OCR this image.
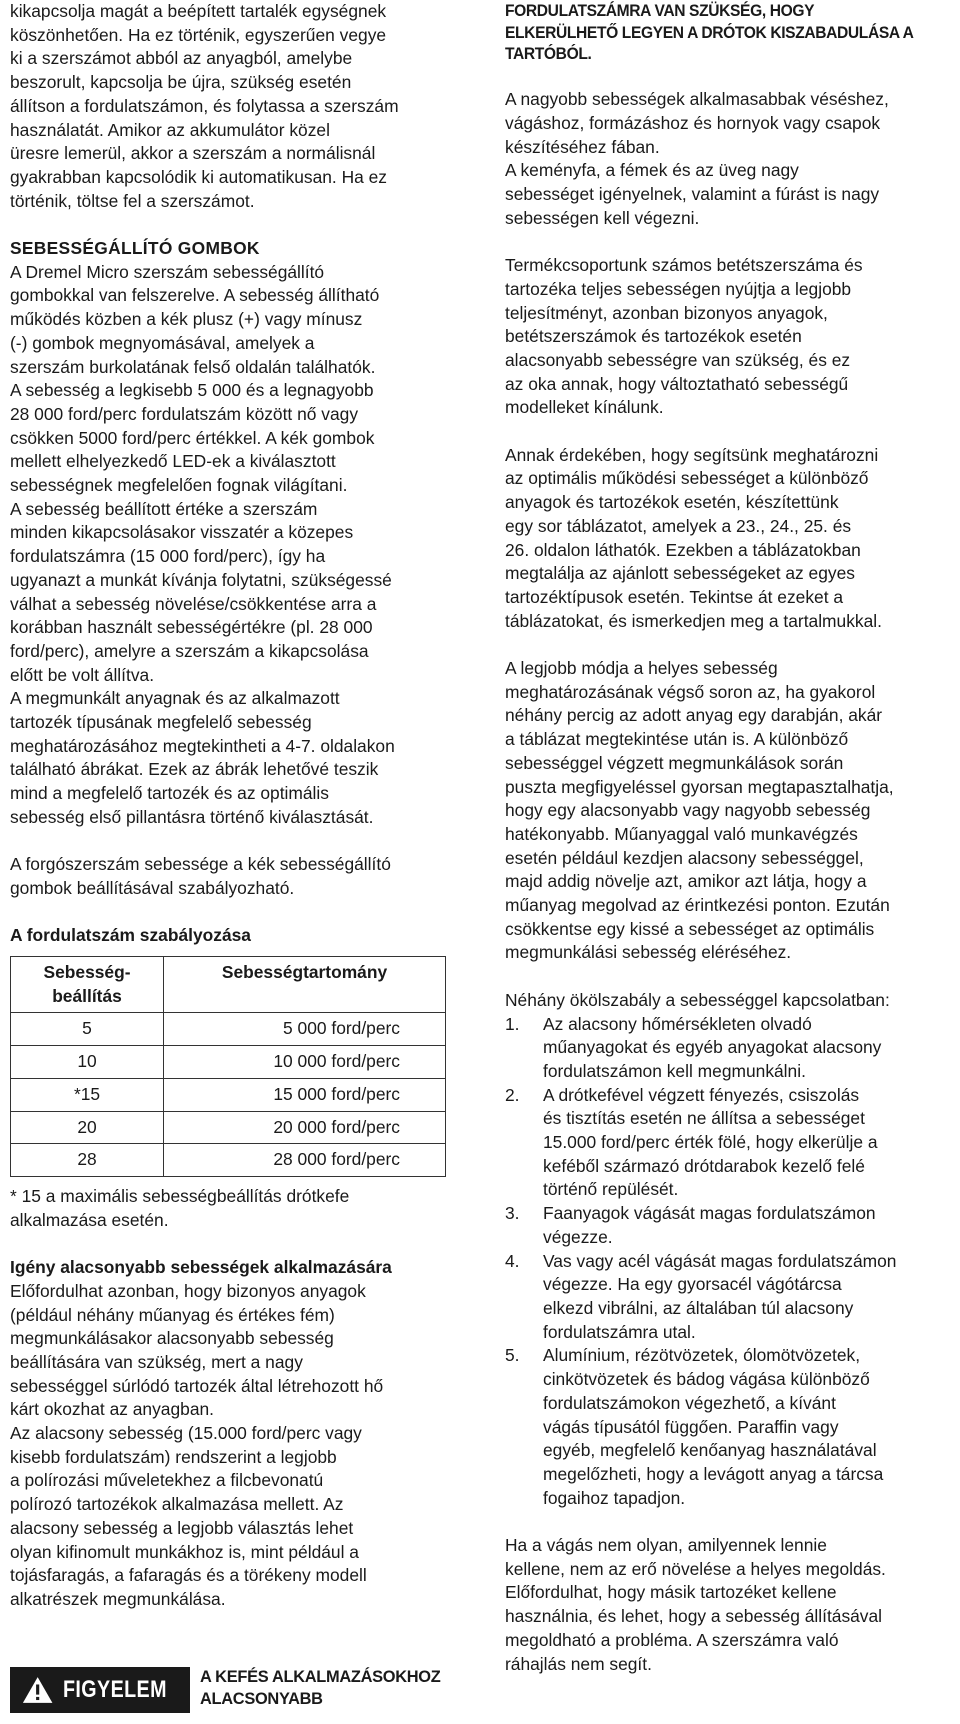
kikapcsolja magát a beépített tartalék egységnek
köszönhetően. Ha ez történik, egyszerűen vegye
ki a szerszámot abból az anyagból, amelybe
beszorult, kapcsolja be újra, szükség esetén
állítson a fordulatszámon, és folytassa a szerszám
használatát. Amikor az akkumulátor közel
üresre lemerül, akkor a szerszám a normálisnál
gyakrabban kapcsolódik ki automatikusan. Ha ez
történik, töltse fel a szerszámot.

SEBESSÉGÁLLÍTÓ GOMBOK

A Dremel Micro szerszám sebességállító
gombokkal van felszerelve. A sebesség állítható
működés közben a kék plusz (+) vagy mínusz
(-) gombok megnyomásával, amelyek a
szerszám burkolatának felső oldalán találhatók.
A sebesség a legkisebb 5 000 és a legnagyobb
28 000 ford/perc fordulatszám között nő vagy
csökken 5000 ford/perc értékkel. A kék gombok
mellett elhelyezkedő LED-ek a kiválasztott
sebességnek megfelelően fognak világítani.
A sebesség beállított értéke a szerszám
minden kikapcsolásakor visszatér a közepes
fordulatszámra (15 000 ford/perc), így ha
ugyanazt a munkát kívánja folytatni, szükségessé
válhat a sebesség növelése/csökkentése arra a
korábban használt sebességértékre (pl. 28 000
ford/perc), amelyre a szerszám a kikapcsolása
előtt be volt állítva.
A megmunkált anyagnak és az alkalmazott
tartozék típusának megfelelő sebesség
meghatározásához megtekintheti a 4-7. oldalakon
található ábrákat. Ezek az ábrák lehetővé teszik
mind a megfelelő tartozék és az optimális
sebesség első pillantásra történő kiválasztását.

A forgószerszám sebessége a kék sebességállító
gombok beállításával szabályozható.

A fordulatszám szabályozása

Sebesség-
beállítás	Sebességtartomány
5	5 000 ford/perc
10	10 000 ford/perc
*15	15 000 ford/perc
20	20 000 ford/perc
28	28 000 ford/perc

* 15 a maximális sebességbeállítás drótkefe
alkalmazása esetén.

Igény alacsonyabb sebességek alkalmazására

Előfordulhat azonban, hogy bizonyos anyagok
(például néhány műanyag és értékes fém)
megmunkálásakor alacsonyabb sebesség
beállítására van szükség, mert a nagy
sebességgel súrlódó tartozék által létrehozott hő
kárt okozhat az anyagban.
Az alacsony sebesség (15.000 ford/perc vagy
kisebb fordulatszám) rendszerint a legjobb
a polírozási műveletekhez a filcbevonatú
polírozó tartozékok alkalmazása mellett. Az
alacsony sebesség a legjobb választás lehet
olyan kifinomult munkákhoz is, mint például a
tojásfaragás, a fafaragás és a törékeny modell
alkatrészek megmunkálása.

FIGYELEM A KEFÉS ALKALMAZÁSOKHOZ
ALACSONYABB

FORDULATSZÁMRA VAN SZÜKSÉG, HOGY
ELKERÜLHETŐ LEGYEN A DRÓTOK KISZABADULÁSA A
TARTÓBÓL.

A nagyobb sebességek alkalmasabbak véséshez,
vágáshoz, formázáshoz és hornyok vagy csapok
készítéséhez fában.
A keményfa, a fémek és az üveg nagy
sebességet igényelnek, valamint a fúrást is nagy
sebességen kell végezni.

Termékcsoportunk számos betétszerszáma és
tartozéka teljes sebességen nyújtja a legjobb
teljesítményt, azonban bizonyos anyagok,
betétszerszámok és tartozékok esetén
alacsonyabb sebességre van szükség, és ez
az oka annak, hogy változtatható sebességű
modelleket kínálunk.

Annak érdekében, hogy segítsünk meghatározni
az optimális működési sebességet a különböző
anyagok és tartozékok esetén, készítettünk
egy sor táblázatot, amelyek a 23., 24., 25. és
26. oldalon láthatók. Ezekben a táblázatokban
megtalálja az ajánlott sebességeket az egyes
tartozéktípusok esetén. Tekintse át ezeket a
táblázatokat, és ismerkedjen meg a tartalmukkal.

A legjobb módja a helyes sebesség
meghatározásának végső soron az, ha gyakorol
néhány percig az adott anyag egy darabján, akár
a táblázat megtekintése után is. A különböző
sebességgel végzett megmunkálások során
puszta megfigyeléssel gyorsan megtapasztalhatja,
hogy egy alacsonyabb vagy nagyobb sebesség
hatékonyabb. Műanyaggal való munkavégzés
esetén például kezdjen alacsony sebességgel,
majd addig növelje azt, amikor azt látja, hogy a
műanyag megolvad az érintkezési ponton. Ezután
csökkentse egy kissé a sebességet az optimális
megmunkálási sebesség eléréséhez.

Néhány ökölszabály a sebességgel kapcsolatban:

1. Az alacsony hőmérsékleten olvadó
műanyagokat és egyéb anyagokat alacsony
fordulatszámon kell megmunkálni.
2. A drótkefével végzett fényezés, csiszolás
és tisztítás esetén ne állítsa a sebességet
15.000 ford/perc érték fölé, hogy elkerülje a
keféből származó drótdarabok kezelő felé
történő repülését.
3. Faanyagok vágását magas fordulatszámon
végezze.
4. Vas vagy acél vágását magas fordulatszámon
végezze. Ha egy gyorsacél vágótárcsa
elkezd vibrálni, az általában túl alacsony
fordulatszámra utal.
5. Alumínium, rézötvözetek, ólomötvözetek,
cinkötvözetek és bádog vágása különböző
fordulatszámokon végezhető, a kívánt
vágás típusától függően. Paraffin vagy
egyéb, megfelelő kenőanyag használatával
megelőzheti, hogy a levágott anyag a tárcsa
fogaihoz tapadjon.

Ha a vágás nem olyan, amilyennek lennie
kellene, nem az erő növelése a helyes megoldás.
Előfordulhat, hogy másik tartozéket kellene
használnia, és lehet, hogy a sebesség állításával
megoldható a probléma. A szerszámra való
ráhajlás nem segít.
